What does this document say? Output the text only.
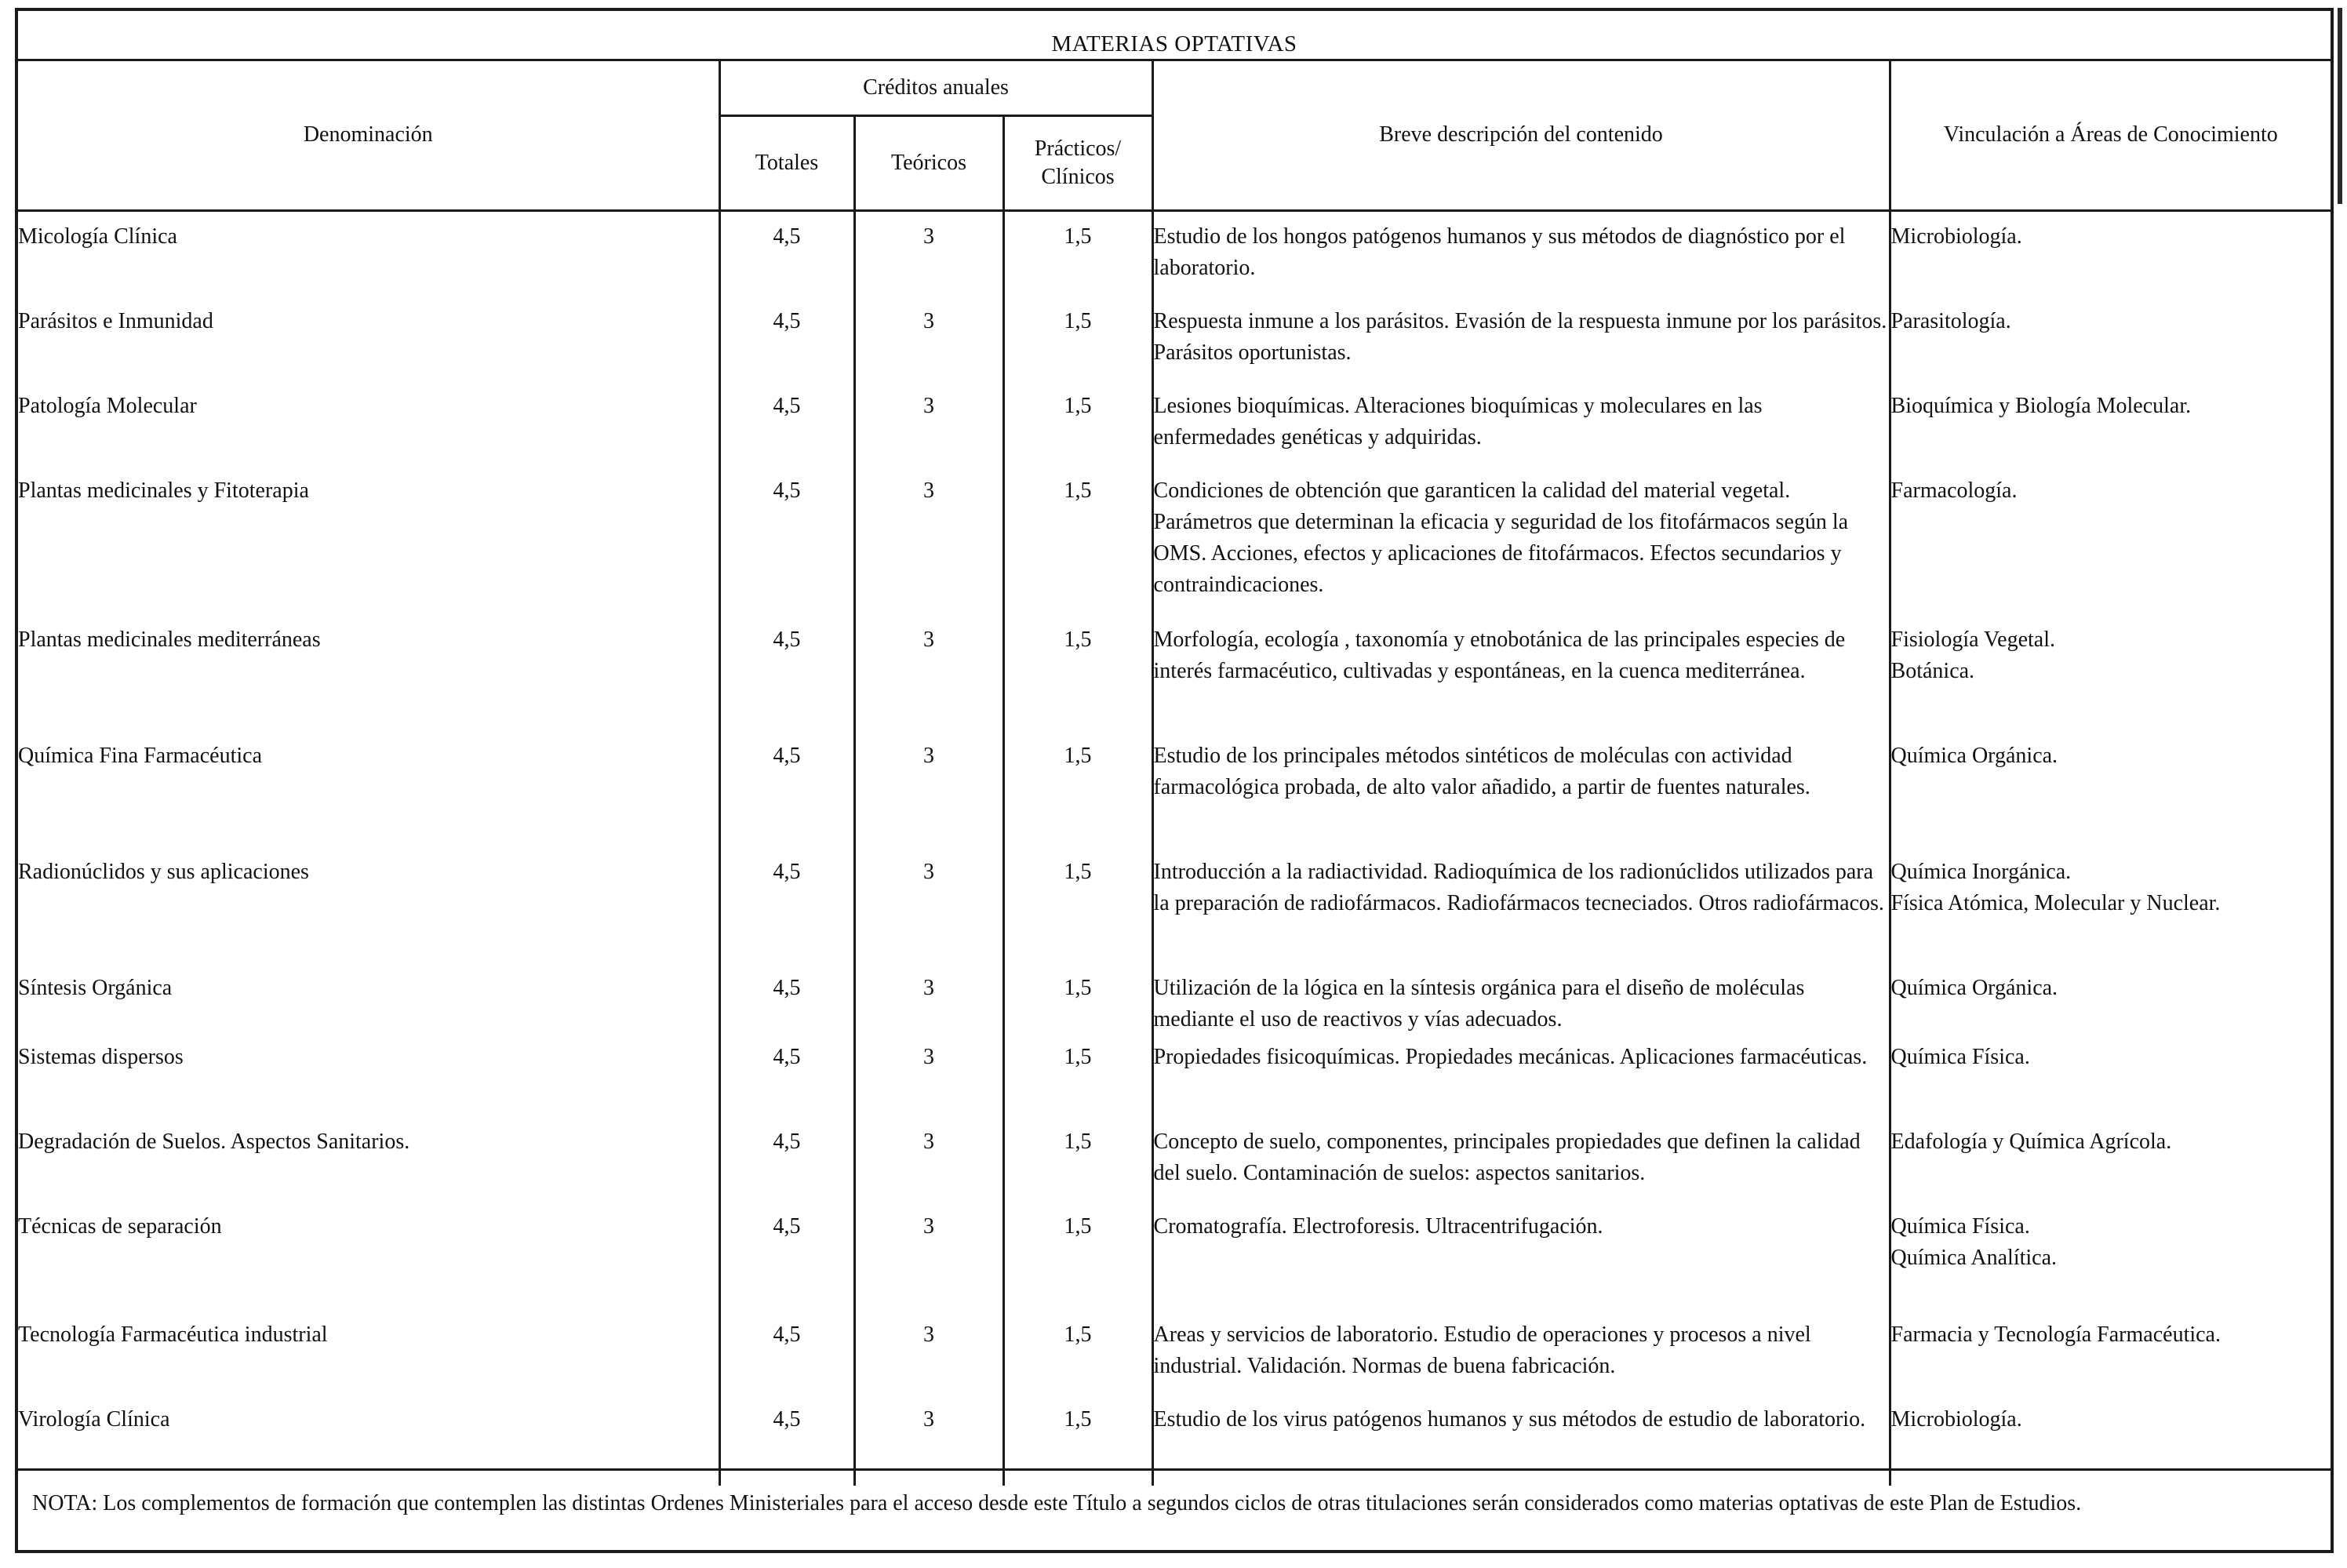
MATERIAS OPTATIVAS
Denominación	Créditos anuales			Breve descripción del contenido	Vinculación a Áreas de Conocimiento
	Totales	Teóricos	Prácticos/ Clínicos		

Micología Clínica	4,5	3	1,5	Estudio de los hongos patógenos humanos y sus métodos de diagnóstico por el laboratorio.	Microbiología.

Parásitos e Inmunidad	4,5	3	1,5	Respuesta inmune a los parásitos. Evasión de la respuesta inmune por los parásitos. Parásitos oportunistas.	Parasitología.

Patología Molecular	4,5	3	1,5	Lesiones bioquímicas. Alteraciones bioquímicas y moleculares en las enfermedades genéticas y adquiridas.	Bioquímica y Biología Molecular.

Plantas medicinales y Fitoterapia	4,5	3	1,5	Condiciones de obtención que garanticen la calidad del material vegetal. Parámetros que determinan la eficacia y seguridad de los fitofármacos según la OMS. Acciones, efectos y aplicaciones de fitofármacos. Efectos secundarios y contraindicaciones.	Farmacología.

Plantas medicinales mediterráneas	4,5	3	1,5	Morfología, ecología , taxonomía y etnobotánica de las principales especies de interés farmacéutico, cultivadas y espontáneas, en la cuenca mediterránea.	Fisiología Vegetal.
Botánica.

Química Fina Farmacéutica	4,5	3	1,5	Estudio de los principales métodos sintéticos de moléculas con actividad farmacológica probada, de alto valor añadido, a partir de fuentes naturales.	Química Orgánica.

Radionúclidos y sus aplicaciones	4,5	3	1,5	Introducción a la radiactividad. Radioquímica de los radionúclidos utilizados para la preparación de radiofármacos. Radiofármacos tecneciados. Otros radiofármacos.	Química Inorgánica.
Física Atómica, Molecular y Nuclear.

Síntesis Orgánica	4,5	3	1,5	Utilización de la lógica en la síntesis orgánica para el diseño de moléculas mediante el uso de reactivos y vías adecuados.	Química Orgánica.

Sistemas dispersos	4,5	3	1,5	Propiedades fisicoquímicas. Propiedades mecánicas. Aplicaciones farmacéuticas.	Química Física.

Degradación de Suelos. Aspectos Sanitarios.	4,5	3	1,5	Concepto de suelo, componentes, principales propiedades que definen la calidad del suelo. Contaminación de suelos: aspectos sanitarios.	Edafología y Química Agrícola.

Técnicas de separación	4,5	3	1,5	Cromatografía. Electroforesis. Ultracentrifugación.	Química Física.
Química Analítica.

Tecnología Farmacéutica industrial	4,5	3	1,5	Areas y servicios de laboratorio. Estudio de operaciones y procesos a nivel industrial. Validación. Normas de buena fabricación.	Farmacia y Tecnología Farmacéutica.

Virología Clínica	4,5	3	1,5	Estudio de los virus patógenos humanos y sus métodos de estudio de laboratorio.	Microbiología.
NOTA: Los complementos de formación que contemplen las distintas Ordenes Ministeriales para el acceso desde este Título a segundos ciclos de otras titulaciones serán considerados como materias optativas de este Plan de Estudios.
